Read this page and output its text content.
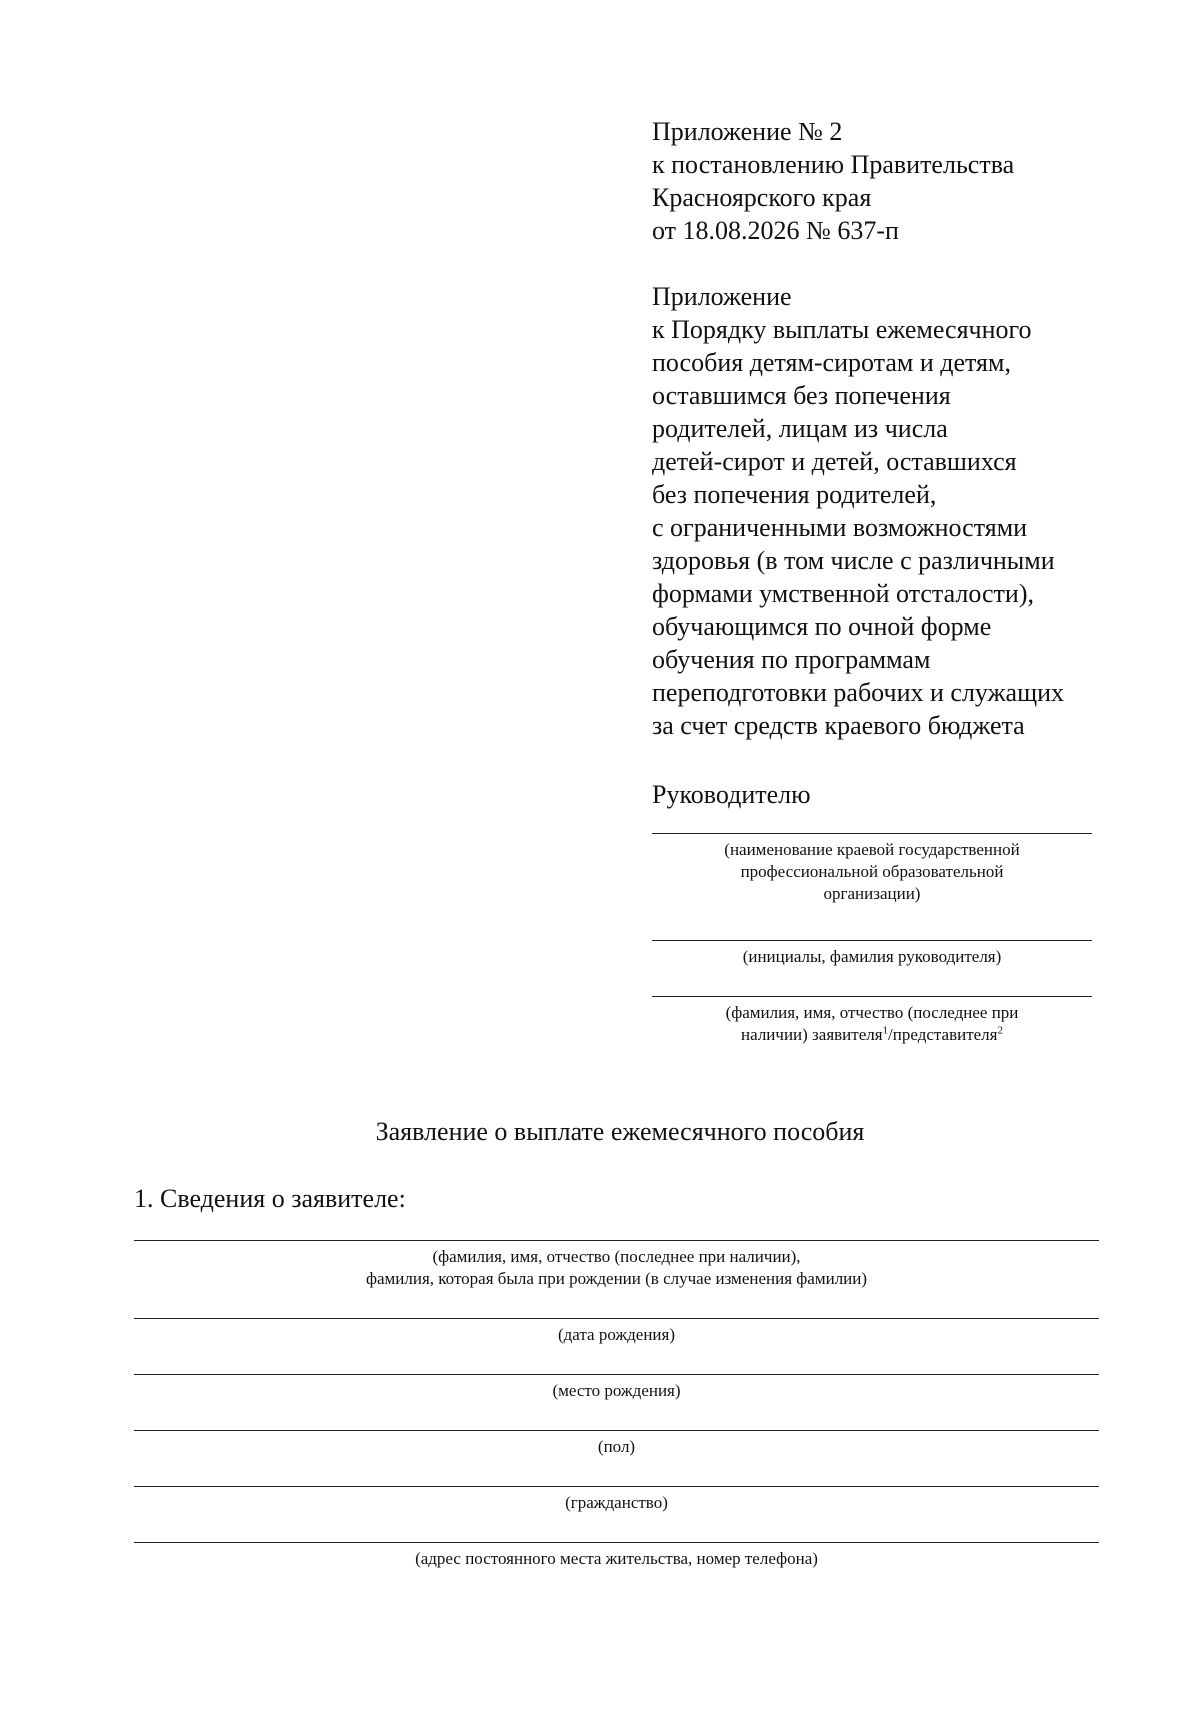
Приложение № 2
к постановлению Правительства
Красноярского края
от 18.08.2026 № 637-п
Приложение
к Порядку выплаты ежемесячного
пособия детям-сиротам и детям,
оставшимся без попечения
родителей, лицам из числа
детей-сирот и детей, оставшихся
без попечения родителей,
с ограниченными возможностями
здоровья (в том числе с различными
формами умственной отсталости),
обучающимся по очной форме
обучения по программам
переподготовки рабочих и служащих
за счет средств краевого бюджета
Руководителю
(наименование краевой государственной
профессиональной образовательной
организации)
(инициалы, фамилия руководителя)
(фамилия, имя, отчество (последнее при
наличии) заявителя$^1$/представителя$^2$
Заявление о выплате ежемесячного пособия
1. Сведения о заявителе:
(фамилия, имя, отчество (последнее при наличии),
фамилия, которая была при рождении (в случае изменения фамилии)
(дата рождения)
(место рождения)
(пол)
(гражданство)
(адрес постоянного места жительства, номер телефона)
